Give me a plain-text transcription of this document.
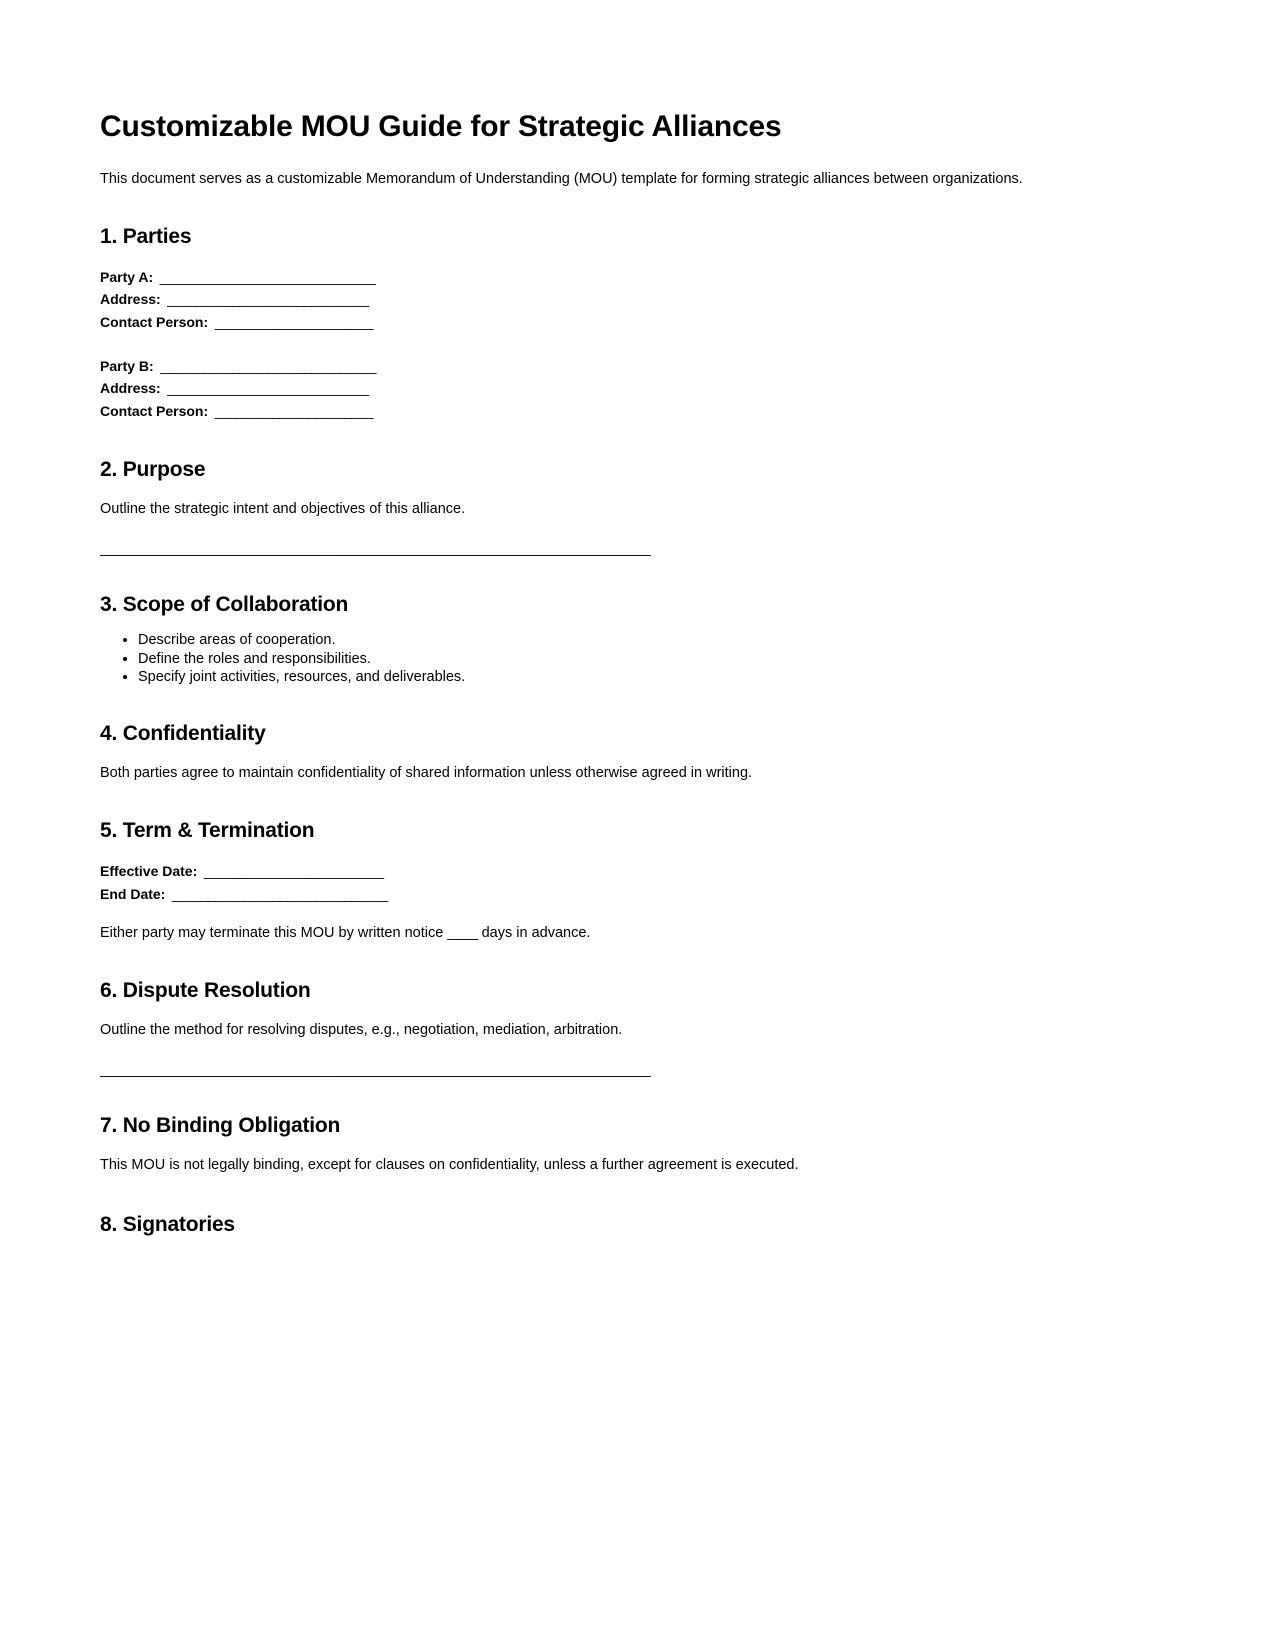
Customizable MOU Guide for Strategic Alliances

This document serves as a customizable Memorandum of Understanding (MOU) template for forming strategic alliances between organizations.

1. Parties
Party A:  ______________________________
Address:  ____________________________
Contact Person:  ______________________
Party B:  ______________________________
Address:  ____________________________
Contact Person:  ______________________
2. Purpose

Outline the strategic intent and objectives of this alliance.

______________________________________________________________________
3. Scope of Collaboration
• Describe areas of cooperation.
• Define the roles and responsibilities.
• Specify joint activities, resources, and deliverables.
4. Confidentiality

Both parties agree to maintain confidentiality of shared information unless otherwise agreed in writing.

5. Term & Termination
Effective Date:  _________________________
End Date:  ______________________________

Either party may terminate this MOU by written notice ____ days in advance.

6. Dispute Resolution

Outline the method for resolving disputes, e.g., negotiation, mediation, arbitration.

______________________________________________________________________
7. No Binding Obligation

This MOU is not legally binding, except for clauses on confidentiality, unless a further agreement is executed.

8. Signatories
